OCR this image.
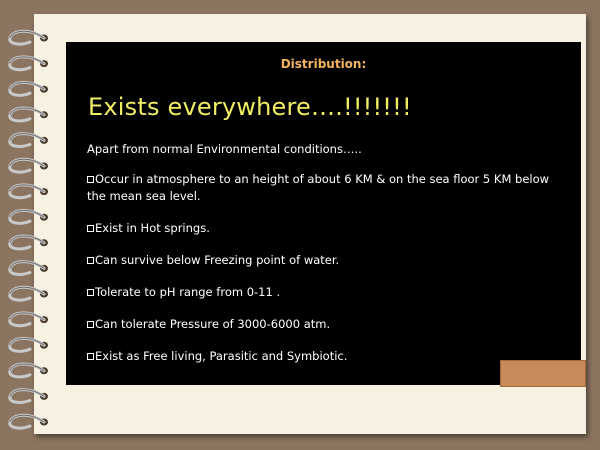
Distribution:
Exists everywhere….!!!!!!!
Apart from normal Environmental conditions…..
Occur in atmosphere to an height of about 6 KM & on the sea floor 5 KM below the mean sea level.
Exist in Hot springs.
Can survive below Freezing point of water.
Tolerate to pH range from 0-11 .
Can tolerate Pressure of 3000-6000 atm.
Exist as Free living, Parasitic and Symbiotic.
